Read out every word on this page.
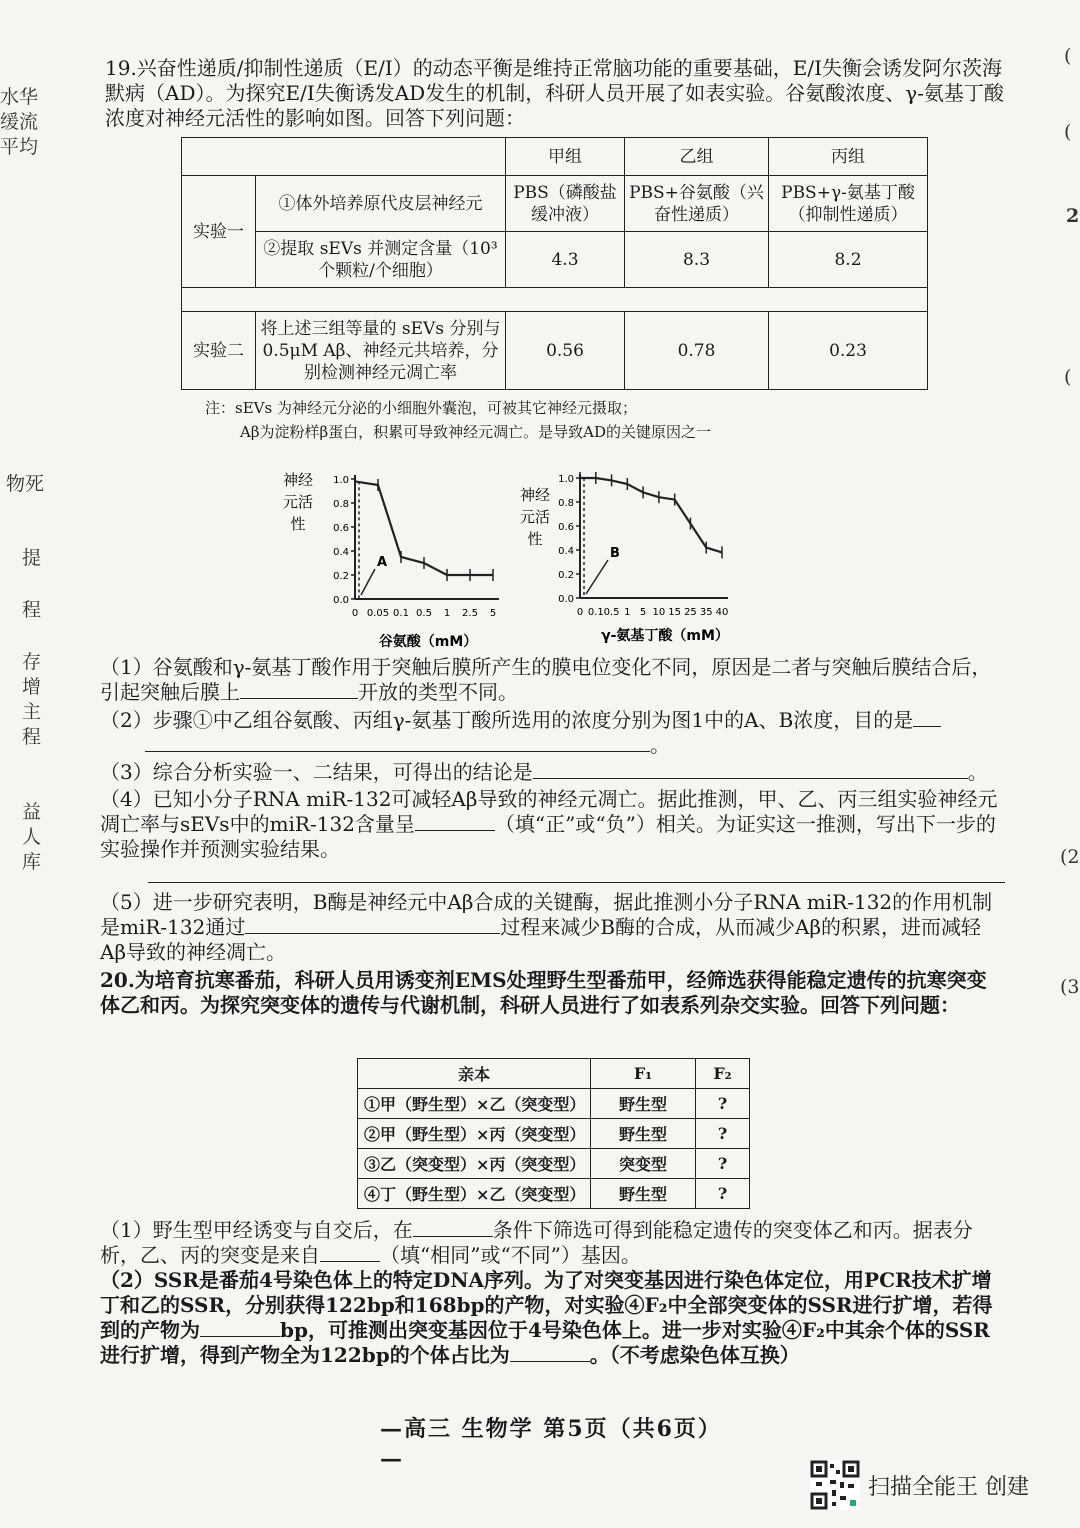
水华
缓流
平均
物死
提
程
存
增
主
程
益
人
库
(
(
2
(
(2
(3
19.兴奋性递质/抑制性递质（E/I）的动态平衡是维持正常脑功能的重要基础，E/I失衡会诱发阿尔茨海默病（AD）。为探究E/I失衡诱发AD发生的机制，科研人员开展了如表实验。谷氨酸浓度、γ-氨基丁酸浓度对神经元活性的影响如图。回答下列问题：
		甲组	乙组	丙组
实验一	①体外培养原代皮层神经元	PBS（磷酸盐缓冲液）	PBS+谷氨酸（兴奋性递质）	PBS+γ-氨基丁酸（抑制性递质）
	②提取 sEVs 并测定含量（10³个颗粒/个细胞）	4.3	8.3	8.2

实验二	将上述三组等量的 sEVs 分别与 0.5μM Aβ、神经元共培养，分别检测神经元凋亡率	0.56	0.78	0.23
注：sEVs 为神经元分泌的小细胞外囊泡，可被其它神经元摄取；
Aβ为淀粉样β蛋白，积累可导致神经元凋亡。是导致AD的关键原因之一
神经
元活
性
0.0
0.2
0.4
0.6
0.8
1.0
0 0.05 0.1 0.5 1 2.5 5
A
谷氨酸（mM）
神经
元活
性
0.0
0.2
0.4
0.6
0.8
1.0
0 0.1 0.5 1 5 10 15 25 35 40
B
γ-氨基丁酸（mM）
（1）谷氨酸和γ-氨基丁酸作用于突触后膜所产生的膜电位变化不同，原因是二者与突触后膜结合后，引起突触后膜上	开放的类型不同。
（2）步骤①中乙组谷氨酸、丙组γ-氨基丁酸所选用的浓度分别为图1中的A、B浓度，目的是
。
（3）综合分析实验一、二结果，可得出的结论是	。
（4）已知小分子RNA miR-132可减轻Aβ导致的神经元凋亡。据此推测，甲、乙、丙三组实验神经元凋亡率与sEVs中的miR-132含量呈	（填“正”或“负”）相关。为证实这一推测，写出下一步的实验操作并预测实验结果。
（5）进一步研究表明，B酶是神经元中Aβ合成的关键酶，据此推测小分子RNA miR-132的作用机制是miR-132通过	过程来减少B酶的合成，从而减少Aβ的积累，进而减轻Aβ导致的神经凋亡。
20.为培育抗寒番茄，科研人员用诱变剂EMS处理野生型番茄甲，经筛选获得能稳定遗传的抗寒突变体乙和丙。为探究突变体的遗传与代谢机制，科研人员进行了如表系列杂交实验。回答下列问题：
亲本	F₁	F₂
①甲（野生型）×乙（突变型）	野生型	?
②甲（野生型）×丙（突变型）	野生型	?
③乙（突变型）×丙（突变型）	突变型	?
④丁（野生型）×乙（突变型）	野生型	?
（1）野生型甲经诱变与自交后，在	条件下筛选可得到能稳定遗传的突变体乙和丙。据表分析，乙、丙的突变是来自	（填“相同”或“不同”）基因。
（2）SSR是番茄4号染色体上的特定DNA序列。为了对突变基因进行染色体定位，用PCR技术扩增丁和乙的SSR，分别获得122bp和168bp的产物，对实验④F₂中全部突变体的SSR进行扩增，若得到的产物为	bp，可推测出突变基因位于4号染色体上。进一步对实验④F₂中其余个体的SSR进行扩增，得到产物全为122bp的个体占比为	。（不考虑染色体互换）
—高三 生物学 第5页（共6页）—
扫描全能王 创建
